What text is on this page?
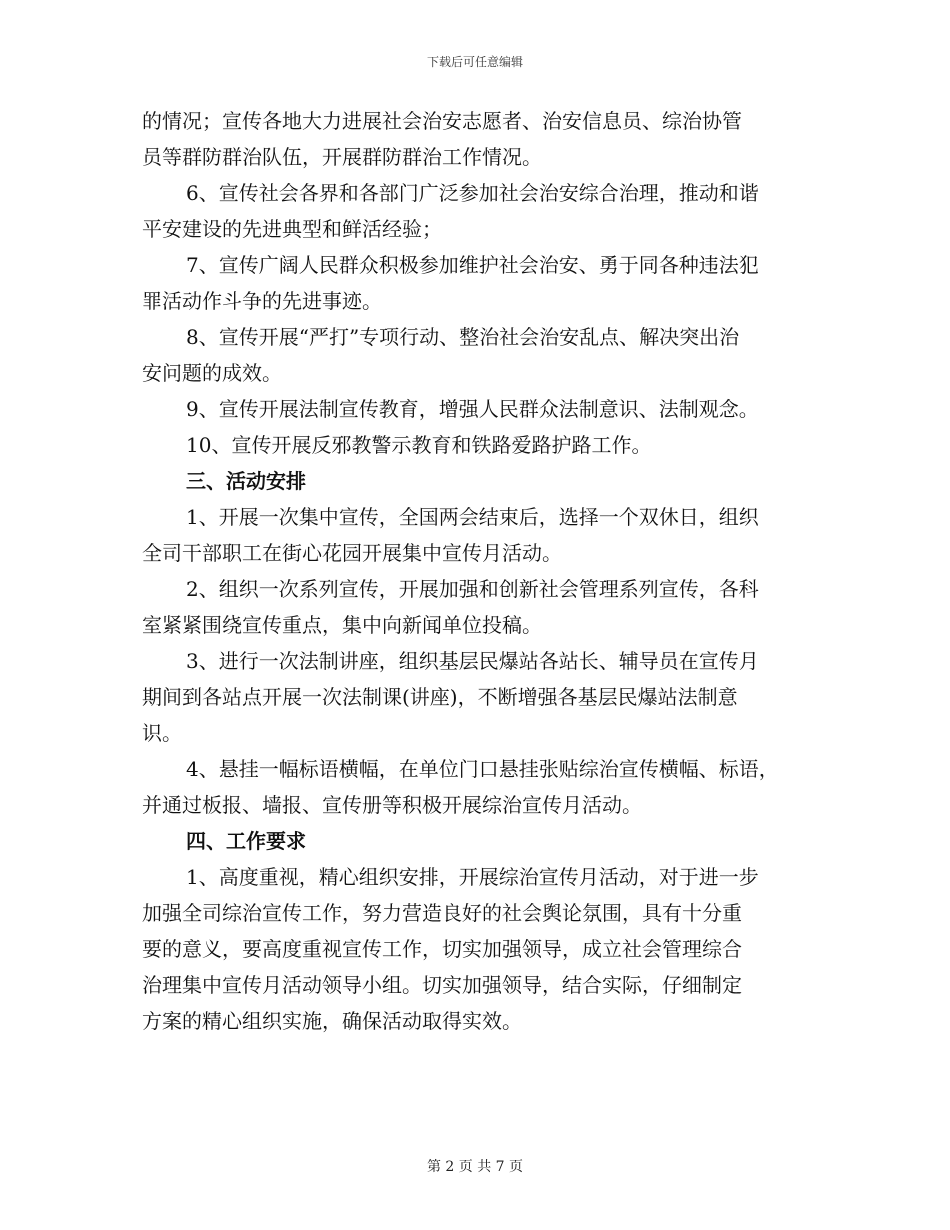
下载后可任意编辑

的情况；宣传各地大力进展社会治安志愿者、治安信息员、综治协管

员等群防群治队伍，开展群防群治工作情况。

6、宣传社会各界和各部门广泛参加社会治安综合治理，推动和谐

平安建设的先进典型和鲜活经验；

7、宣传广阔人民群众积极参加维护社会治安、勇于同各种违法犯

罪活动作斗争的先进事迹。

8、宣传开展“严打”专项行动、整治社会治安乱点、解决突出治

安问题的成效。

9、宣传开展法制宣传教育，增强人民群众法制意识、法制观念。

10、宣传开展反邪教警示教育和铁路爱路护路工作。

三、活动安排

1、开展一次集中宣传，全国两会结束后，选择一个双休日，组织

全司干部职工在街心花园开展集中宣传月活动。

2、组织一次系列宣传，开展加强和创新社会管理系列宣传，各科

室紧紧围绕宣传重点，集中向新闻单位投稿。

3、进行一次法制讲座，组织基层民爆站各站长、辅导员在宣传月

期间到各站点开展一次法制课(讲座)，不断增强各基层民爆站法制意

识。

4、悬挂一幅标语横幅，在单位门口悬挂张贴综治宣传横幅、标语，

并通过板报、墙报、宣传册等积极开展综治宣传月活动。

四、工作要求

1、高度重视，精心组织安排，开展综治宣传月活动，对于进一步

加强全司综治宣传工作，努力营造良好的社会舆论氛围，具有十分重

要的意义，要高度重视宣传工作，切实加强领导，成立社会管理综合

治理集中宣传月活动领导小组。切实加强领导，结合实际，仔细制定

方案的精心组织实施，确保活动取得实效。

第 2 页 共 7 页
